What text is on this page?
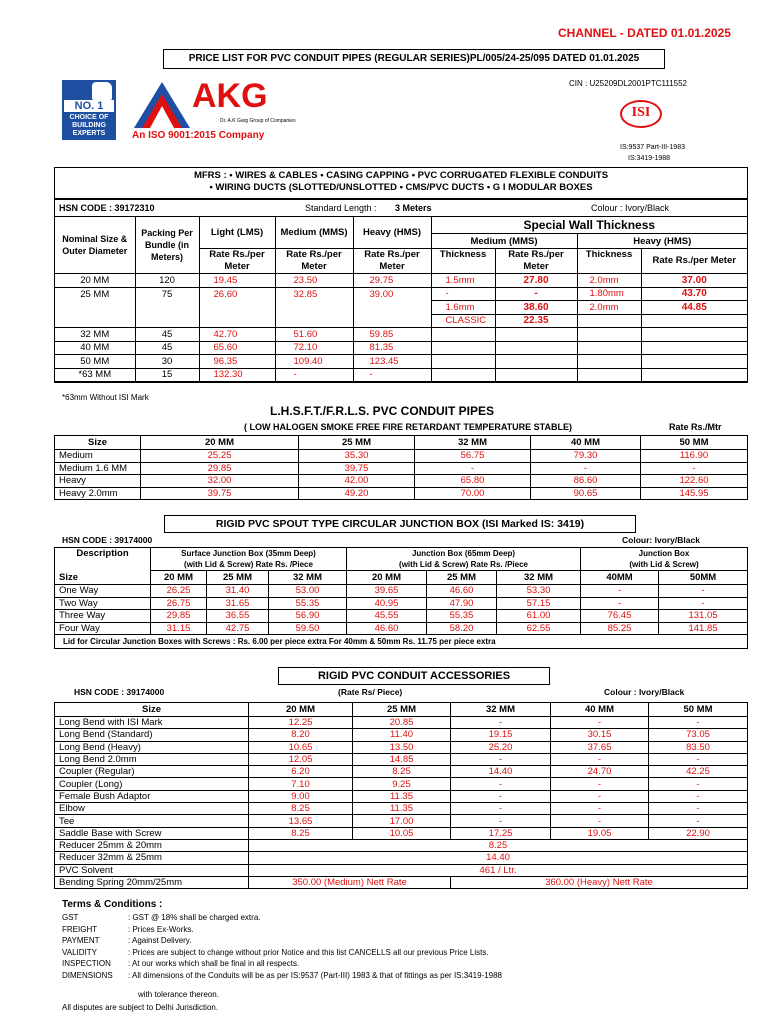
CHANNEL - DATED 01.01.2025
PRICE LIST FOR PVC CONDUIT PIPES (REGULAR SERIES)PL/005/24-25/095 DATED 01.01.2025
CIN : U25209DL2001PTC111552
NO. 1
CHOICE OF
BUILDING
EXPERTS
AKG
Dr. A.K Garg Group of Companies
An ISO 9001:2015 Company
ISI
IS:9537 Part-III-1983
IS:3419-1988
MFRS : • WIRES & CABLES • CASING CAPPING • PVC CORRUGATED FLEXIBLE CONDUITS
• WIRING DUCTS (SLOTTED/UNSLOTTED • CMS/PVC DUCTS • G I MODULAR BOXES
HSN CODE : 39172310	Standard Length : 3 Meters	Colour : Ivory/Black
Nominal Size & Outer Diameter	Packing Per Bundle (in Meters)	Light (LMS)	Medium (MMS)	Heavy (HMS)	Special Wall Thickness			
					Medium (MMS)		Heavy (HMS)	
		Rate Rs./per Meter	Rate Rs./per Meter	Rate Rs./per Meter	Thickness	Rate Rs./per Meter	Thickness	Rate Rs./per Meter
20 MM	120	19.45	23.50	29.75	1.5mm	27.80	2.0mm	37.00
25 MM	75	26.60	32.85	39.00	-	-	1.80mm	43.70
					1.6mm	38.60	2.0mm	44.85
					CLASSIC	22.35		
32 MM	45	42.70	51.60	59.85				
40 MM	45	65.60	72.10	81.35				
50 MM	30	96.35	109.40	123.45				
*63 MM	15	132.30	-	-				
*63mm Without ISI Mark
L.H.S.F.T./F.R.L.S. PVC CONDUIT PIPES
( LOW HALOGEN SMOKE FREE FIRE RETARDANT TEMPERATURE STABLE)	Rate Rs./Mtr
Size	20 MM	25 MM	32 MM	40 MM	50 MM
Medium	25.25	35.30	56.75	79.30	116.90
Medium 1.6 MM	29.85	39.75	-	-	-
Heavy	32.00	42.00	65.80	86.60	122.60
Heavy 2.0mm	39.75	49.20	70.00	90.65	145.95
RIGID PVC SPOUT TYPE CIRCULAR JUNCTION BOX (ISI Marked IS: 3419)
HSN CODE : 39174000	Colour: Ivory/Black
Description	Surface Junction Box (35mm Deep)			Junction Box (65mm Deep)			Junction Box	
	(with Lid & Screw) Rate Rs. /Piece			(with Lid & Screw) Rate Rs. /Piece			(with Lid & Screw)	
Size	20 MM	25 MM	32 MM	20 MM	25 MM	32 MM	40MM	50MM
One Way	26.25	31.40	53.00	39.65	46.60	53.30	-	-
Two Way	26.75	31.65	55.35	40.95	47.90	57.15	-	-
Three Way	29.85	36.55	56.90	45.55	55.35	61.00	76.45	131.05
Four Way	31.15	42.75	59.50	46.60	58.20	62.55	85.25	141.85
Lid for Circular Junction Boxes with Screws : Rs. 6.00 per piece extra For 40mm & 50mm Rs. 11.75 per piece extra								
RIGID PVC CONDUIT ACCESSORIES
HSN CODE : 39174000	(Rate Rs/ Piece)	Colour : Ivory/Black
Size	20 MM	25 MM	32 MM	40 MM	50 MM
Long Bend with ISI Mark	12.25	20.85	-	-	-
Long Bend (Standard)	8.20	11.40	19.15	30.15	73.05
Long Bend (Heavy)	10.65	13.50	25.20	37.65	83.50
Long Bend 2.0mm	12.05	14.85	-	-	-
Coupler (Regular)	6.20	8.25	14.40	24.70	42.25
Coupler (Long)	7.10	9.25	-	-	-
Female Bush Adaptor	9.00	11.35	-	-	-
Elbow	8.25	11.35	-	-	-
Tee	13.65	17.00	-	-	-
Saddle Base with Screw	8.25	10.05	17.25	19.05	22.90
Reducer 25mm & 20mm	8.25				
Reducer 32mm & 25mm	14.40				
PVC Solvent	461 / Ltr.				
Bending Spring 20mm/25mm	350.00 (Medium) Nett Rate		360.00 (Heavy) Nett Rate		
Terms & Conditions :
GST	: GST @ 18% shall be charged extra.
FREIGHT	: Prices Ex-Works.
PAYMENT	: Against Delivery.
VALIDITY	: Prices are subject to change without prior Notice and this list CANCELLS all our previous Price Lists.
INSPECTION : At our works which shall be final in all respects.
DIMENSIONS : All dimensions of the Conduits will be as per IS:9537 (Part-III) 1983 & that of fittings as per IS:3419-1988
with tolerance thereon.
All disputes are subject to Delhi Jurisdiction.
